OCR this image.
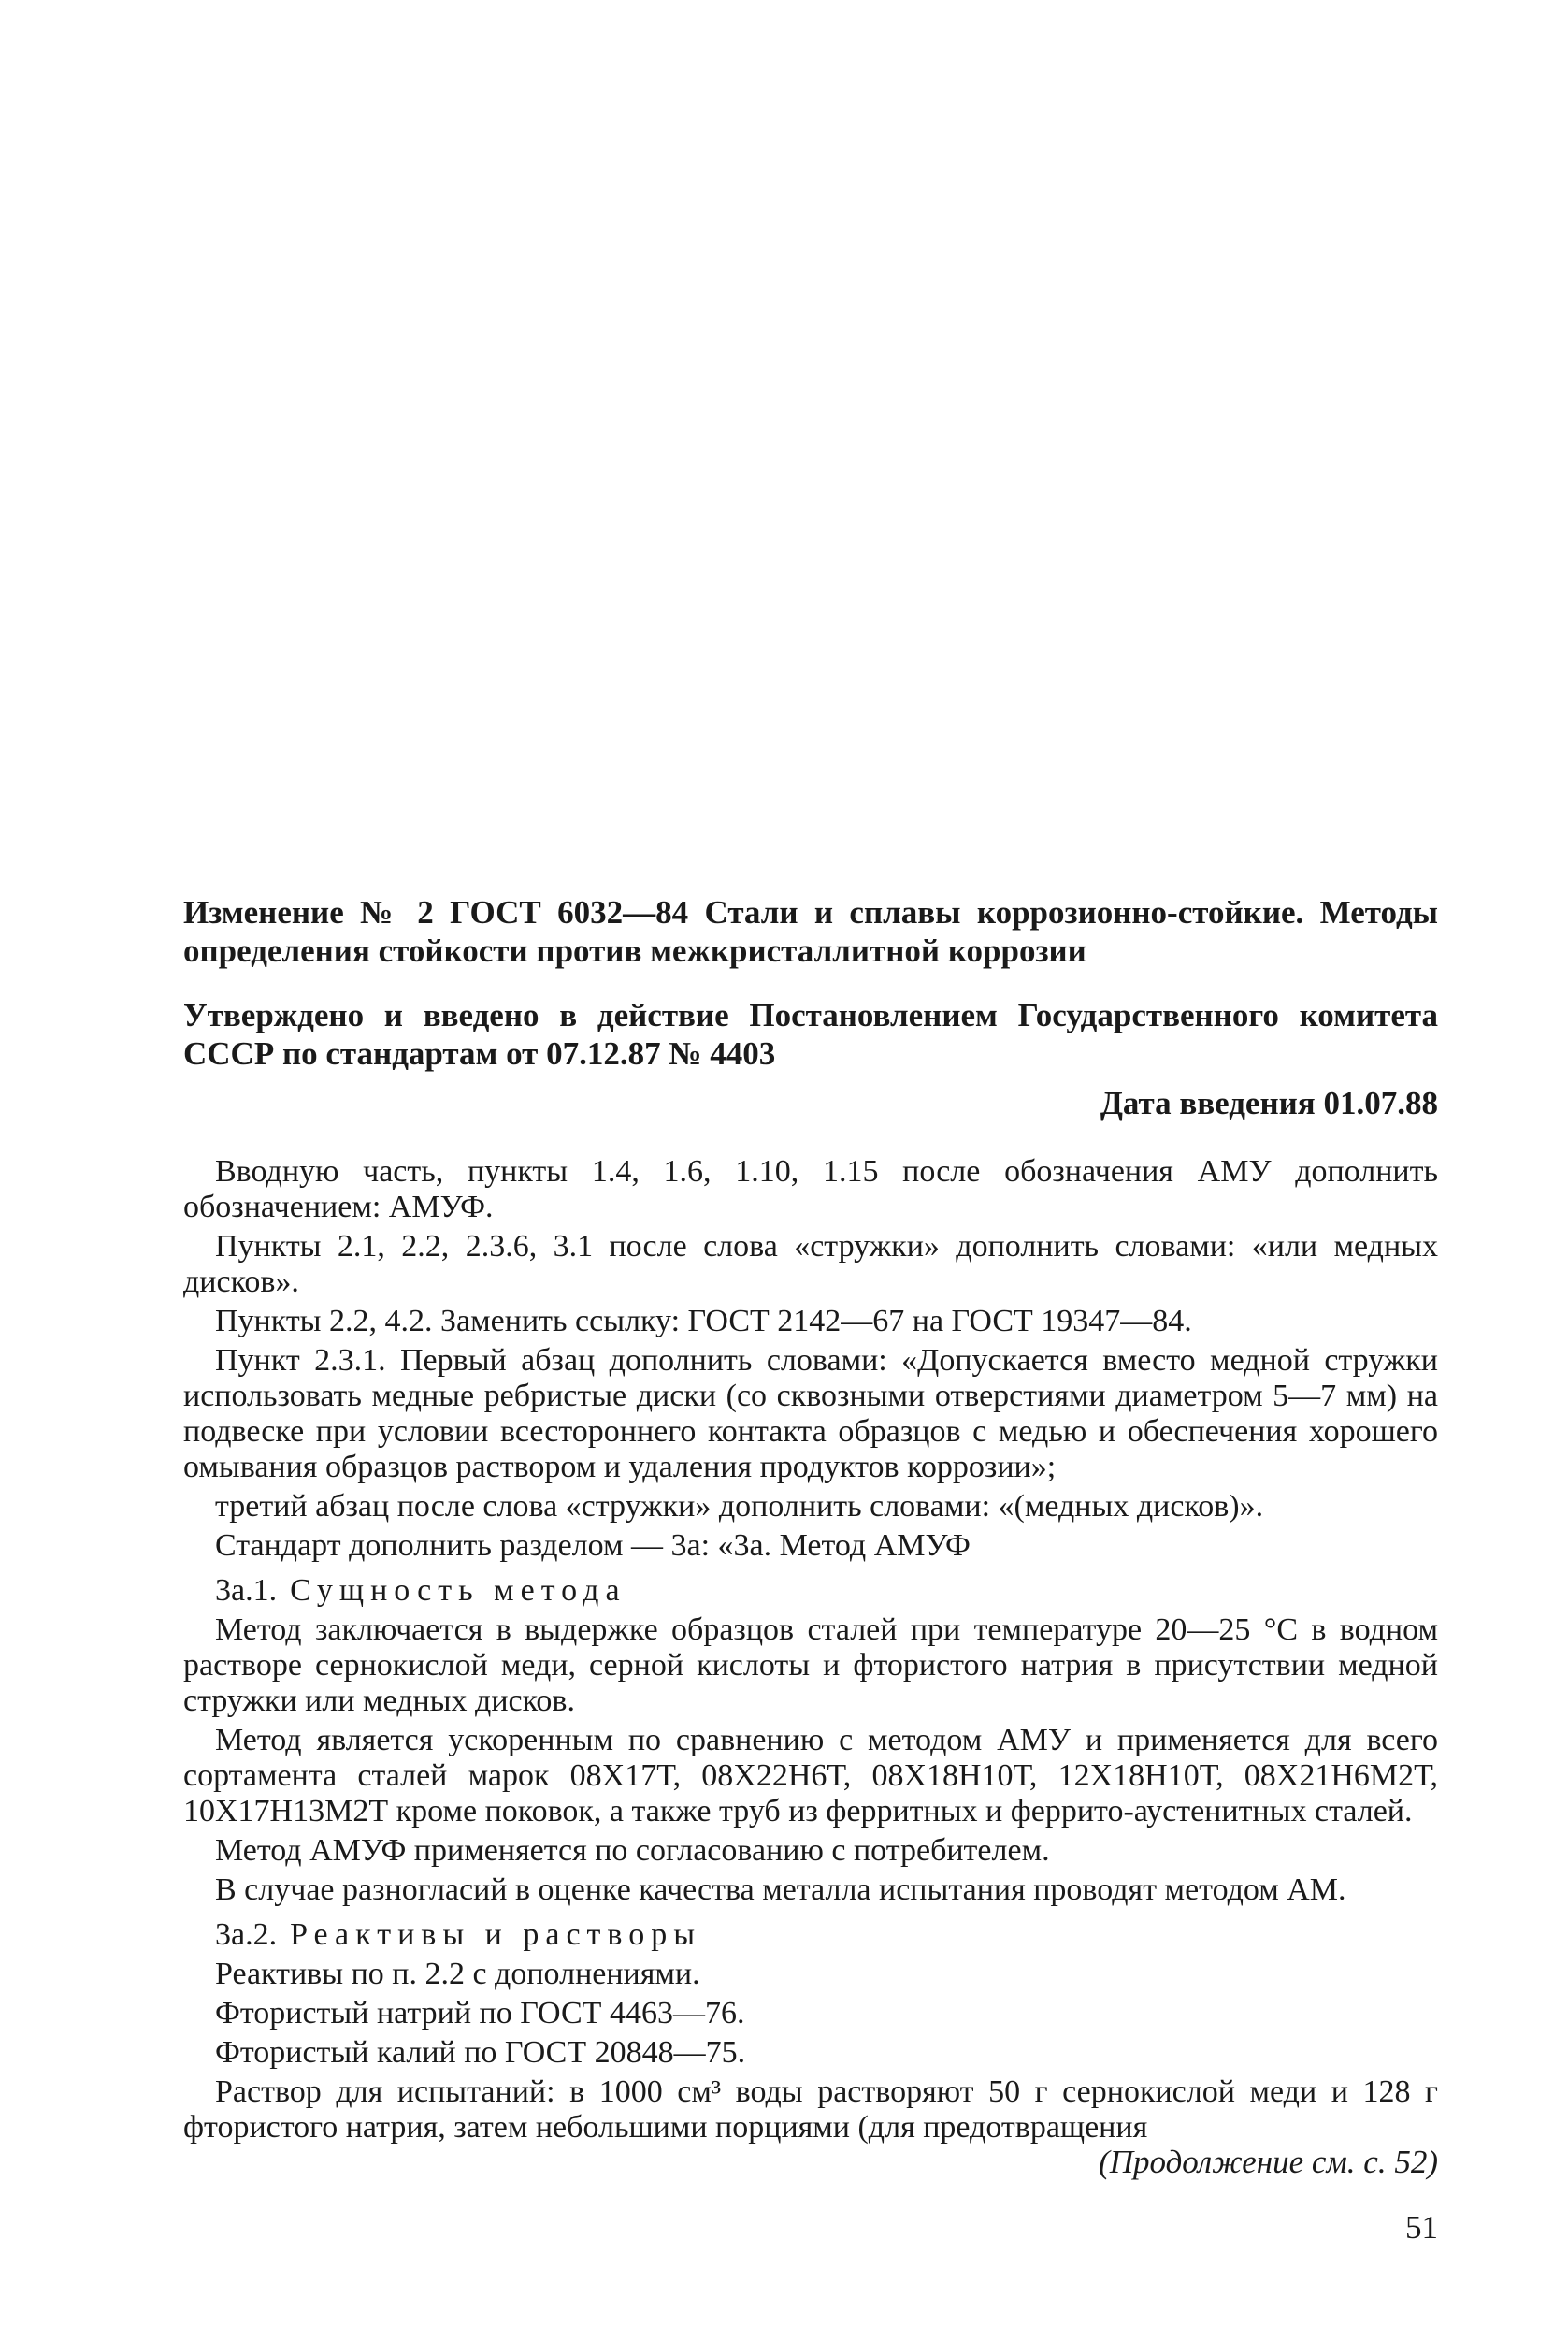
Изменение № 2 ГОСТ 6032—84 Стали и сплавы коррозионно-стойкие. Методы определения стойкости против межкристаллитной коррозии

Утверждено и введено в действие Постановлением Государственного комитета СССР по стандартам от 07.12.87 № 4403

Дата введения 01.07.88

Вводную часть, пункты 1.4, 1.6, 1.10, 1.15 после обозначения АМУ дополнить обозначением: АМУФ.

Пункты 2.1, 2.2, 2.3.6, 3.1 после слова «стружки» дополнить словами: «или медных дисков».

Пункты 2.2, 4.2. Заменить ссылку: ГОСТ 2142—67 на ГОСТ 19347—84.

Пункт 2.3.1. Первый абзац дополнить словами: «Допускается вместо медной стружки использовать медные ребристые диски (со сквозными отверстиями диаметром 5—7 мм) на подвеске при условии всестороннего контакта образцов с медью и обеспечения хорошего омывания образцов раствором и удаления продуктов коррозии»;

третий абзац после слова «стружки» дополнить словами: «(медных дисков)».

Стандарт дополнить разделом — 3а: «3а. Метод АМУФ

3а.1. Сущность метода

Метод заключается в выдержке образцов сталей при температуре 20—25 °С в водном растворе сернокислой меди, серной кислоты и фтористого натрия в присутствии медной стружки или медных дисков.

Метод является ускоренным по сравнению с методом АМУ и применяется для всего сортамента сталей марок 08Х17Т, 08Х22Н6Т, 08Х18Н10Т, 12Х18Н10Т, 08Х21Н6М2Т, 10Х17Н13М2Т кроме поковок, а также труб из ферритных и феррито-аустенитных сталей.

Метод АМУФ применяется по согласованию с потребителем.

В случае разногласий в оценке качества металла испытания проводят методом АМ.

3а.2. Реактивы и растворы

Реактивы по п. 2.2 с дополнениями.

Фтористый натрий по ГОСТ 4463—76.

Фтористый калий по ГОСТ 20848—75.

Раствор для испытаний: в 1000 см³ воды растворяют 50 г сернокислой меди и 128 г фтористого натрия, затем небольшими порциями (для предотвращения

(Продолжение см. с. 52)
51
